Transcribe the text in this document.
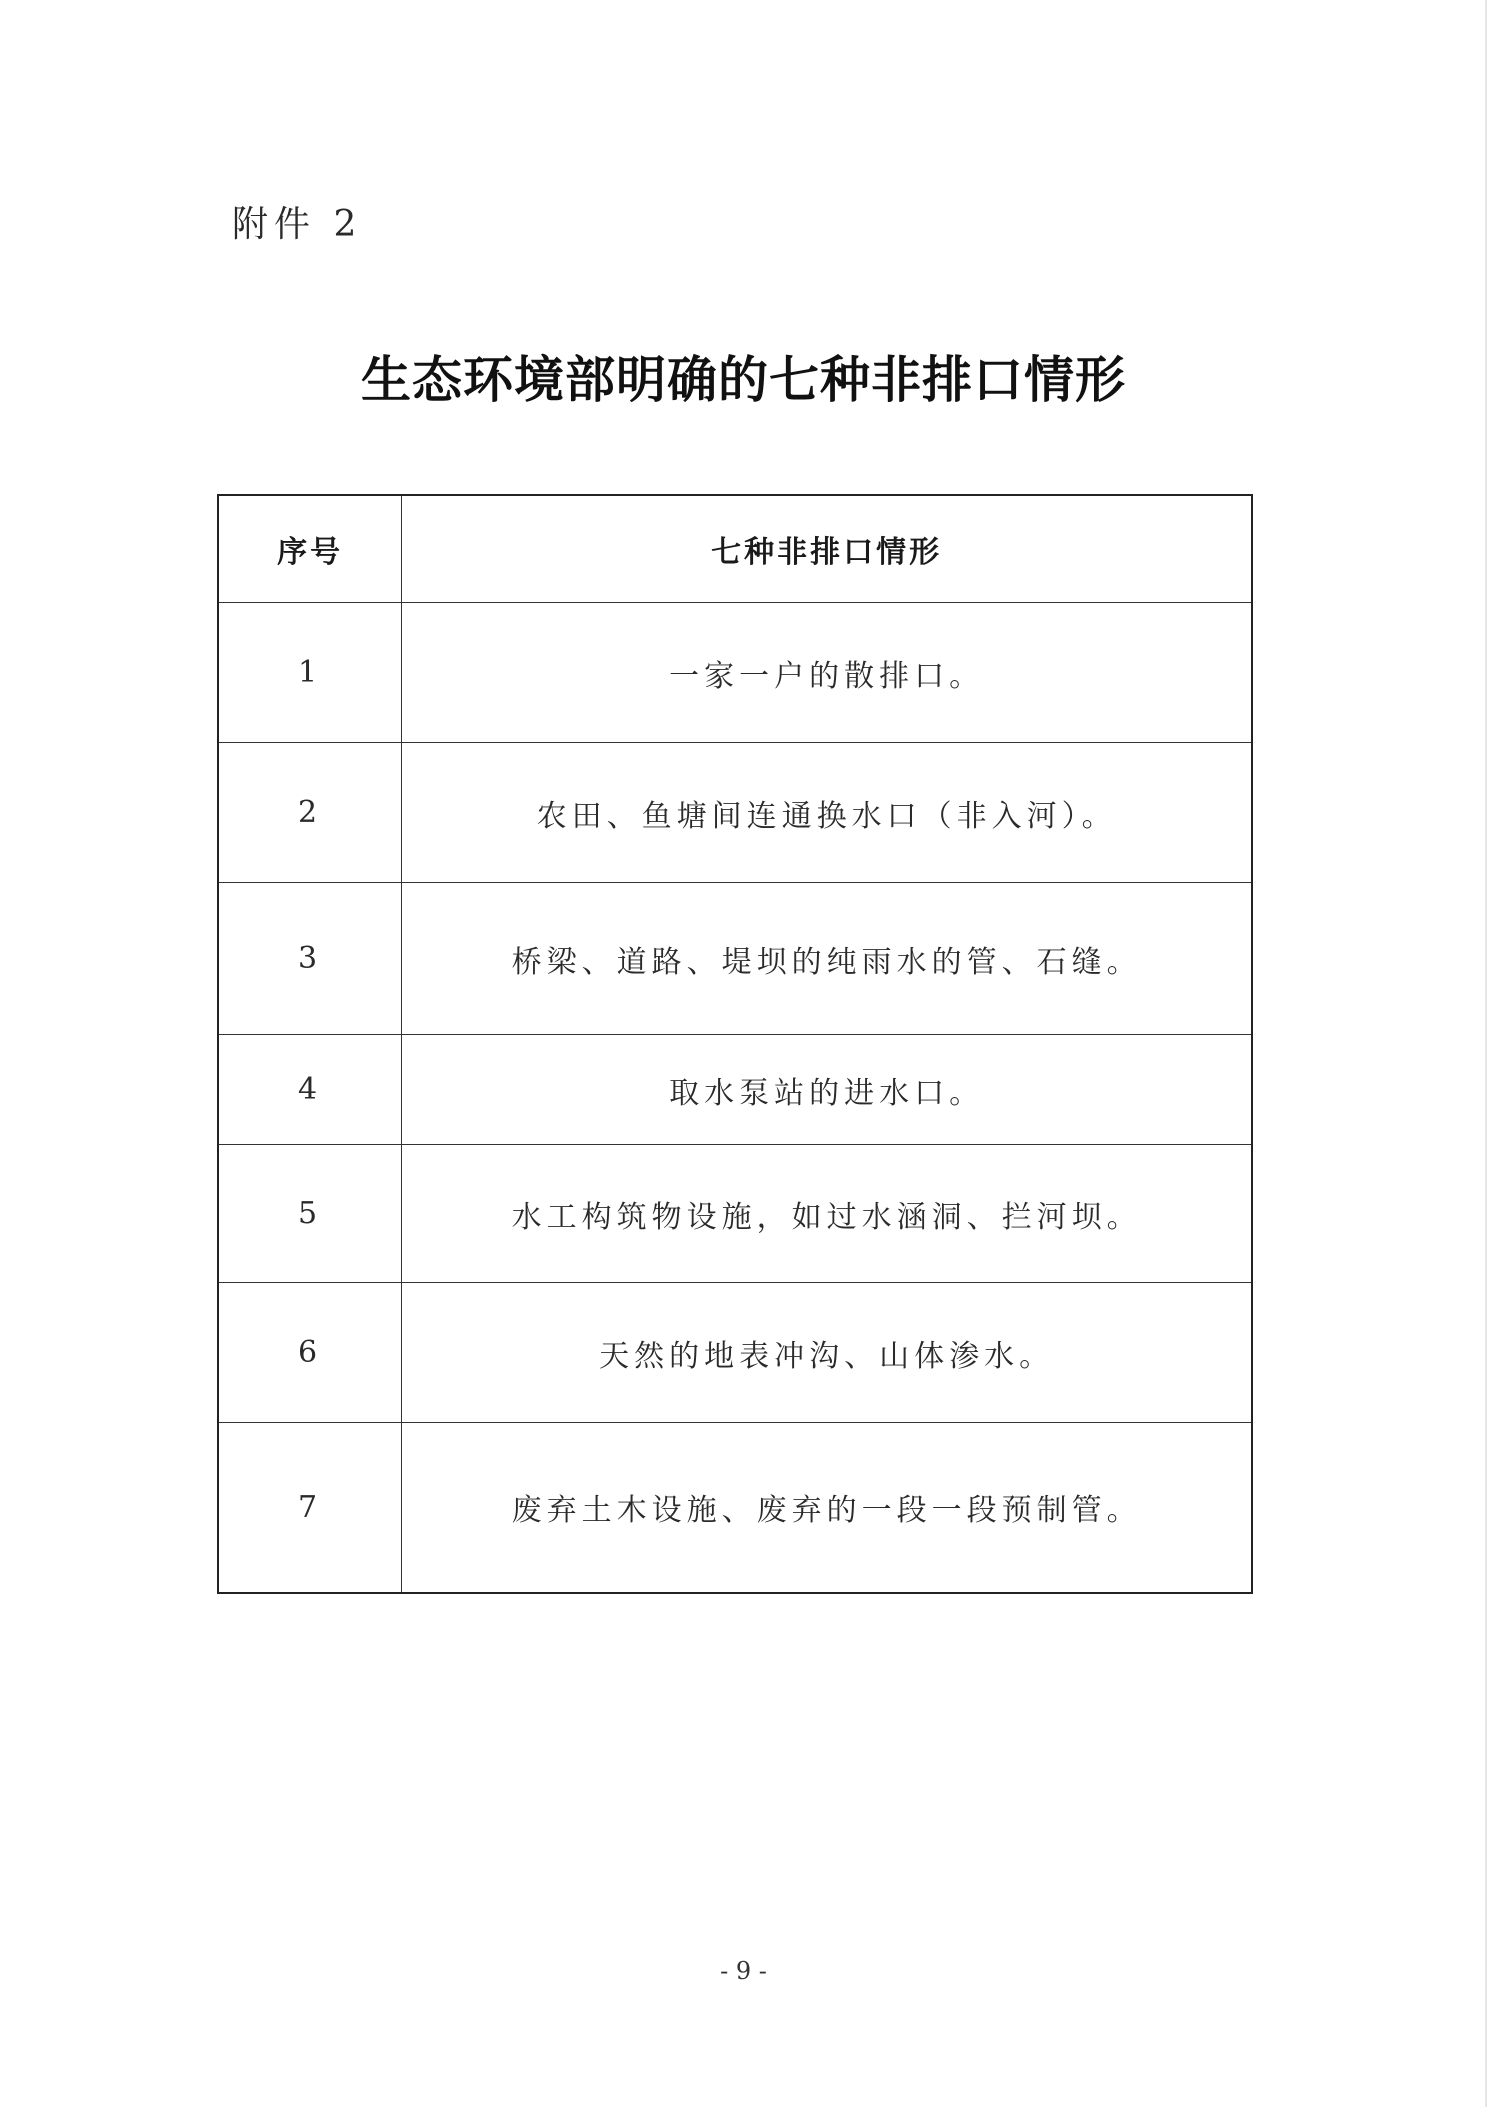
附件 2
生态环境部明确的七种非排口情形
序号	七种非排口情形
1	一家一户的散排口。
2	农田、鱼塘间连通换水口（非入河）。
3	桥梁、道路、堤坝的纯雨水的管、石缝。
4	取水泵站的进水口。
5	水工构筑物设施，如过水涵洞、拦河坝。
6	天然的地表冲沟、山体渗水。
7	废弃土木设施、废弃的一段一段预制管。
- 9 -
